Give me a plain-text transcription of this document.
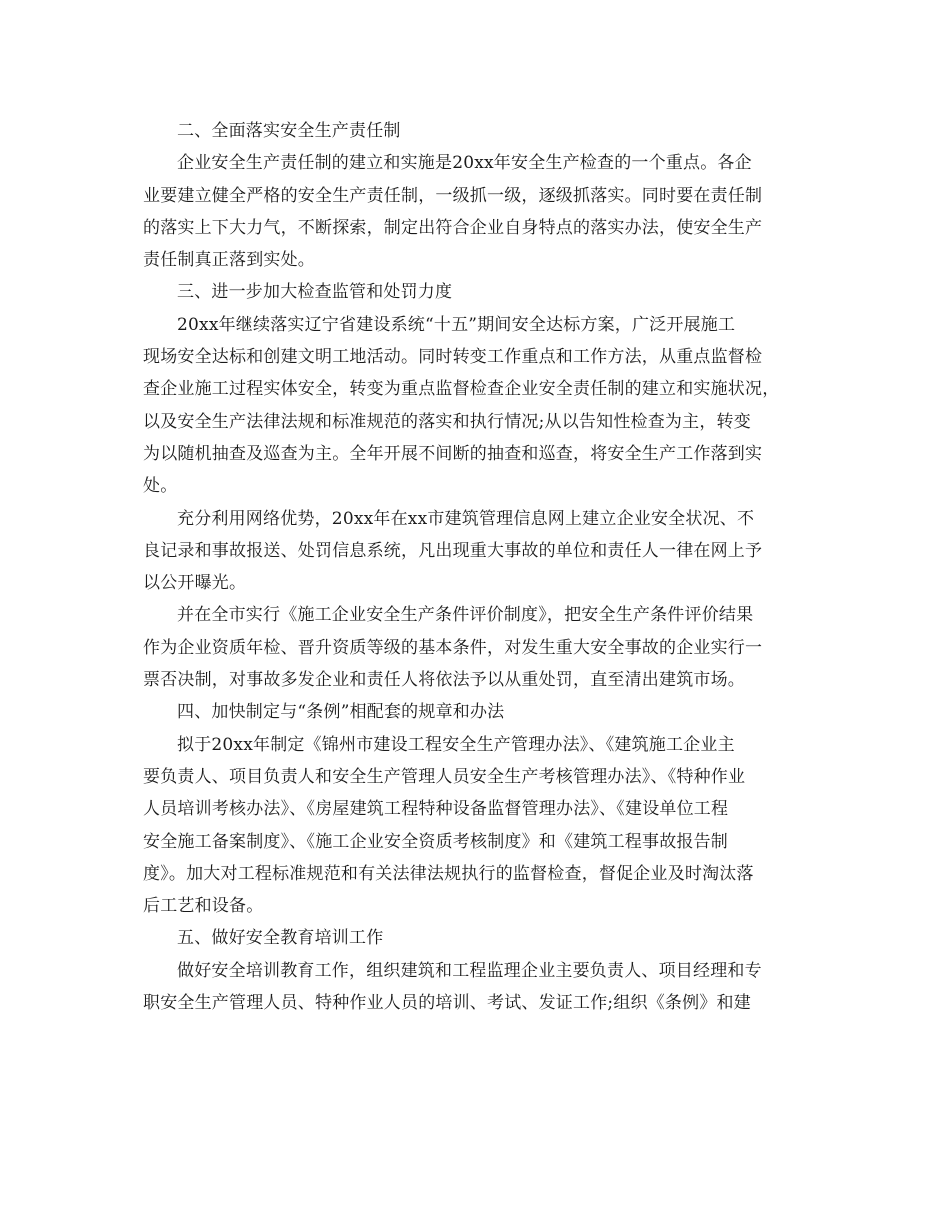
二、全面落实安全生产责任制
企业安全生产责任制的建立和实施是20xx年安全生产检查的一个重点。各企
业要建立健全严格的安全生产责任制，一级抓一级，逐级抓落实。同时要在责任制
的落实上下大力气，不断探索，制定出符合企业自身特点的落实办法，使安全生产
责任制真正落到实处。
三、进一步加大检查监管和处罚力度
20xx年继续落实辽宁省建设系统“十五”期间安全达标方案，广泛开展施工
现场安全达标和创建文明工地活动。同时转变工作重点和工作方法，从重点监督检
查企业施工过程实体安全，转变为重点监督检查企业安全责任制的建立和实施状况，
以及安全生产法律法规和标准规范的落实和执行情况;从以告知性检查为主，转变
为以随机抽查及巡查为主。全年开展不间断的抽查和巡查，将安全生产工作落到实
处。
充分利用网络优势，20xx年在xx市建筑管理信息网上建立企业安全状况、不
良记录和事故报送、处罚信息系统，凡出现重大事故的单位和责任人一律在网上予
以公开曝光。
并在全市实行《施工企业安全生产条件评价制度》，把安全生产条件评价结果
作为企业资质年检、晋升资质等级的基本条件，对发生重大安全事故的企业实行一
票否决制，对事故多发企业和责任人将依法予以从重处罚，直至清出建筑市场。
四、加快制定与“条例”相配套的规章和办法
拟于20xx年制定《锦州市建设工程安全生产管理办法》、《建筑施工企业主
要负责人、项目负责人和安全生产管理人员安全生产考核管理办法》、《特种作业
人员培训考核办法》、《房屋建筑工程特种设备监督管理办法》、《建设单位工程
安全施工备案制度》、《施工企业安全资质考核制度》和《建筑工程事故报告制
度》。加大对工程标准规范和有关法律法规执行的监督检查，督促企业及时淘汰落
后工艺和设备。
五、做好安全教育培训工作
做好安全培训教育工作，组织建筑和工程监理企业主要负责人、项目经理和专
职安全生产管理人员、特种作业人员的培训、考试、发证工作;组织《条例》和建
